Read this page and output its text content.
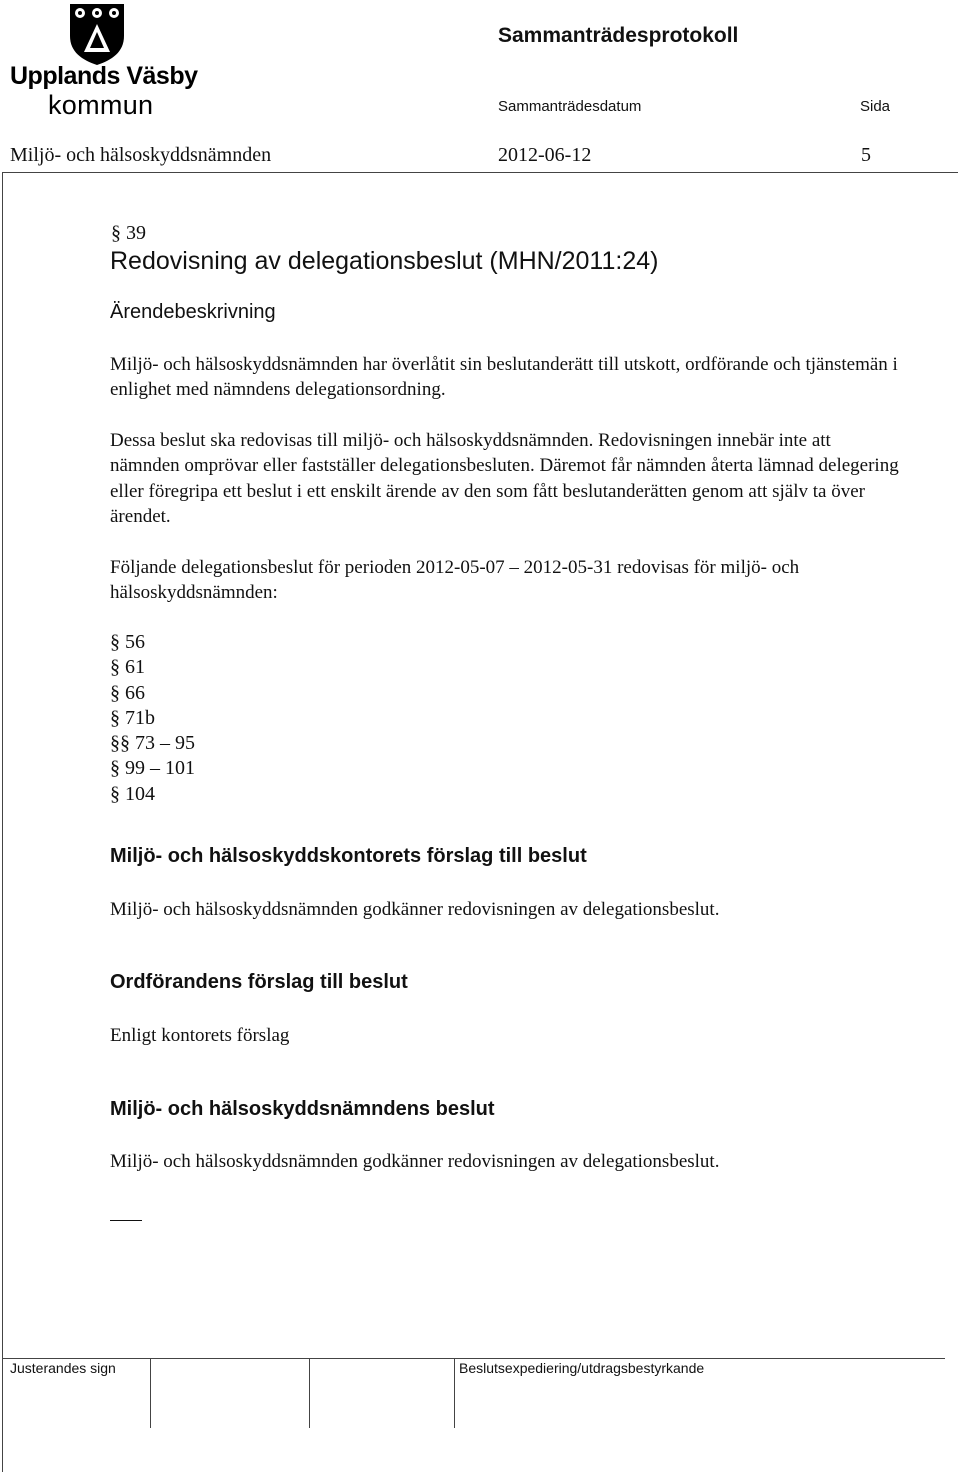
Upplands Väsby
kommun
Sammanträdesprotokoll
Sammanträdesdatum	Sida
Miljö- och hälsoskyddsnämnden	2012-06-12	5
§ 39
Redovisning av delegationsbeslut (MHN/2011:24)
Ärendebeskrivning
Miljö- och hälsoskyddsnämnden har överlåtit sin beslutanderätt till utskott, ordförande och tjänstemän i enlighet med nämndens delegationsordning.
Dessa beslut ska redovisas till miljö- och hälsoskyddsnämnden. Redovisningen innebär inte att nämnden omprövar eller fastställer delegationsbesluten. Däremot får nämnden återta lämnad delegering eller föregripa ett beslut i ett enskilt ärende av den som fått beslutanderätten genom att själv ta över ärendet.
Följande delegationsbeslut för perioden 2012-05-07 – 2012-05-31 redovisas för miljö- och hälsoskyddsnämnden:
§ 56
§ 61
§ 66
§ 71b
§§ 73 – 95
§ 99 – 101
§ 104
Miljö- och hälsoskyddskontorets förslag till beslut
Miljö- och hälsoskyddsnämnden godkänner redovisningen av delegationsbeslut.
Ordförandens förslag till beslut
Enligt kontorets förslag
Miljö- och hälsoskyddsnämndens beslut
Miljö- och hälsoskyddsnämnden godkänner redovisningen av delegationsbeslut.
Justerandes sign	Beslutsexpediering/utdragsbestyrkande
